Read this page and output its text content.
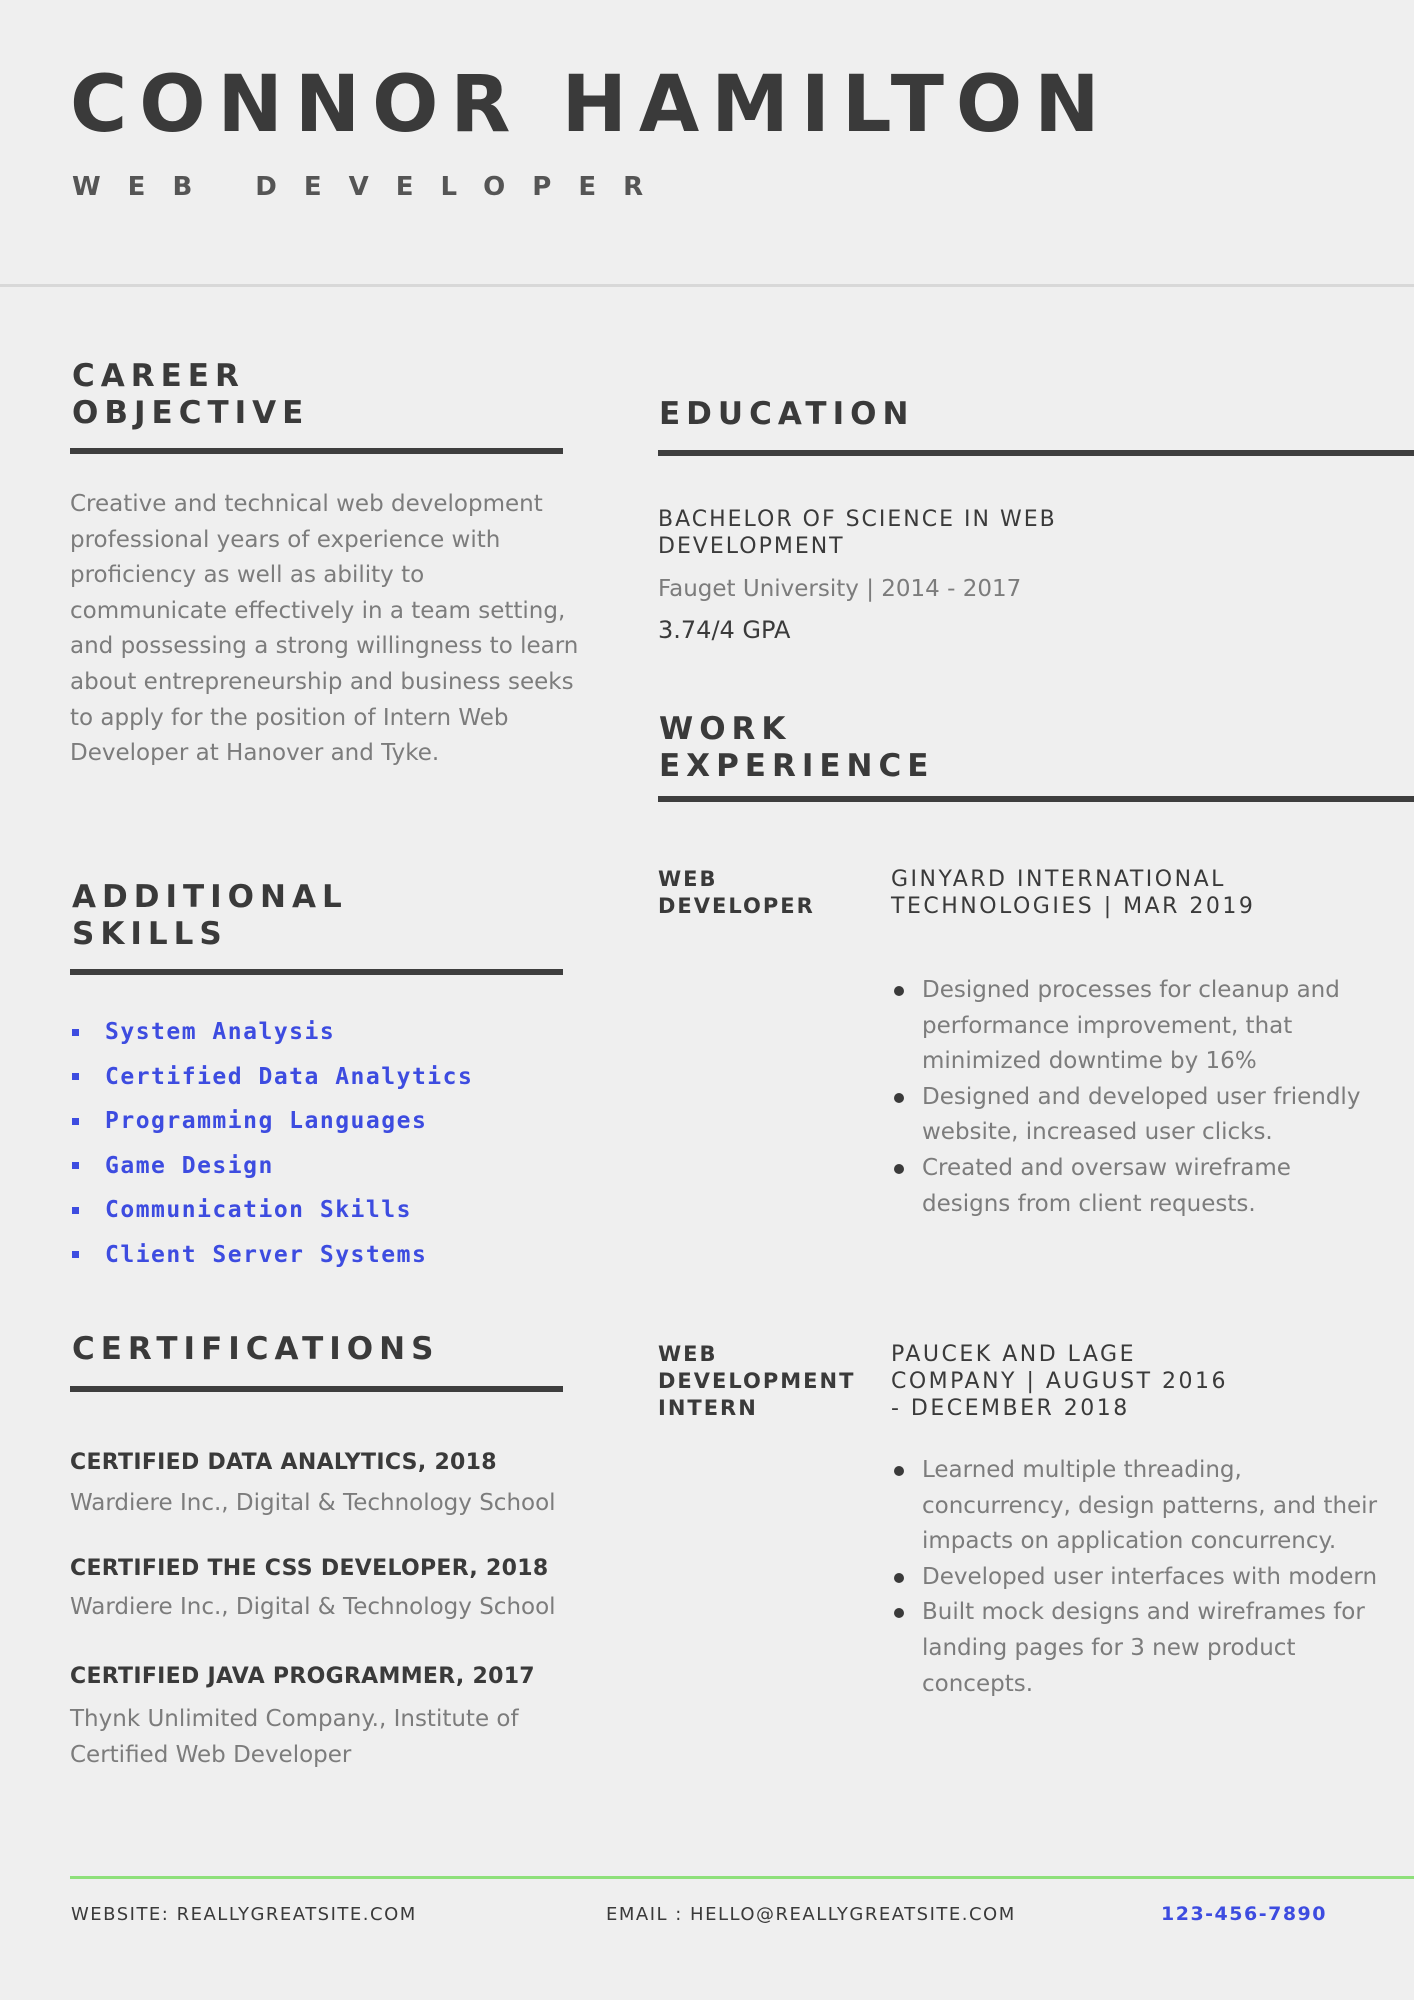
CONNOR HAMILTON
WEB DEVELOPER
CAREER
OBJECTIVE
Creative and technical web development professional years of experience with proficiency as well as ability to communicate effectively in a team setting, and possessing a strong willingness to learn about entrepreneurship and business seeks to apply for the position of Intern Web Developer at Hanover and Tyke.
ADDITIONAL
SKILLS
System Analysis
Certified Data Analytics
Programming Languages
Game Design
Communication Skills
Client Server Systems
CERTIFICATIONS
CERTIFIED DATA ANALYTICS, 2018
Wardiere Inc., Digital & Technology School
CERTIFIED THE CSS DEVELOPER, 2018
Wardiere Inc., Digital & Technology School
CERTIFIED JAVA PROGRAMMER, 2017
Thynk Unlimited Company., Institute of Certified Web Developer
EDUCATION
BACHELOR OF SCIENCE IN WEB DEVELOPMENT
Fauget University | 2014 - 2017
3.74/4 GPA
WORK
EXPERIENCE
WEB DEVELOPER
GINYARD INTERNATIONAL TECHNOLOGIES | MAR 2019
Designed processes for cleanup and performance improvement, that minimized downtime by 16%
Designed and developed user friendly website, increased user clicks.
Created and oversaw wireframe designs from client requests.
WEB DEVELOPMENT INTERN
PAUCEK AND LAGE COMPANY | AUGUST 2016 - DECEMBER 2018
Learned multiple threading, concurrency, design patterns, and their impacts on application concurrency.
Developed user interfaces with modern
Built mock designs and wireframes for landing pages for 3 new product concepts.
WEBSITE: REALLYGREATSITE.COM	EMAIL : HELLO@REALLYGREATSITE.COM	123-456-7890
